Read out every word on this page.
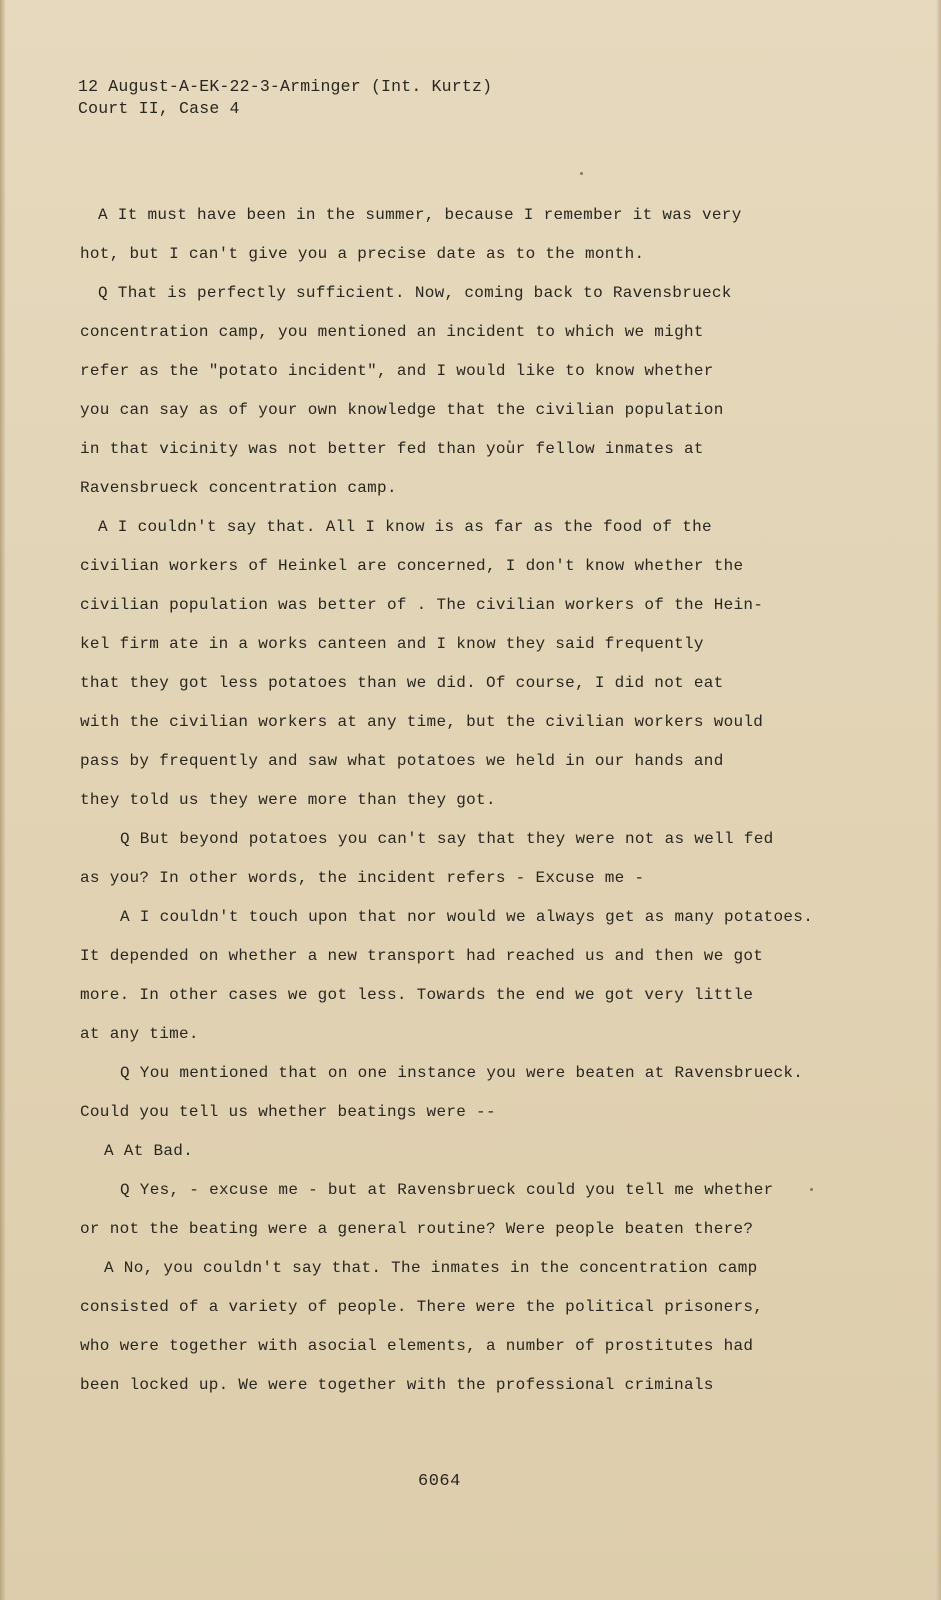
12 August-A-EK-22-3-Arminger (Int. Kurtz)
Court II, Case 4
A It must have been in the summer, because I remember it was very
hot, but I can't give you a precise date as to the month.
Q That is perfectly sufficient. Now, coming back to Ravensbrueck
concentration camp, you mentioned an incident to which we might
refer as the "potato incident", and I would like to know whether
you can say as of your own knowledge that the civilian population
in that vicinity was not better fed than your fellow inmates at
Ravensbrueck concentration camp.
A I couldn't say that. All I know is as far as the food of the
civilian workers of Heinkel are concerned, I don't know whether the
civilian population was better of . The civilian workers of the Hein-
kel firm ate in a works canteen and I know they said frequently
that they got less potatoes than we did. Of course, I did not eat
with the civilian workers at any time, but the civilian workers would
pass by frequently and saw what potatoes we held in our hands and
they told us they were more than they got.
Q But beyond potatoes you can't say that they were not as well fed
as you? In other words, the incident refers - Excuse me -
A I couldn't touch upon that nor would we always get as many potatoes.
It depended on whether a new transport had reached us and then we got
more. In other cases we got less. Towards the end we got very little
at any time.
Q You mentioned that on one instance you were beaten at Ravensbrueck.
Could you tell us whether beatings were --
A At Bad.
Q Yes, - excuse me - but at Ravensbrueck could you tell me whether
or not the beating were a general routine? Were people beaten there?
A No, you couldn't say that. The inmates in the concentration camp
consisted of a variety of people. There were the political prisoners,
who were together with asocial elements, a number of prostitutes had
been locked up. We were together with the professional criminals
6064
